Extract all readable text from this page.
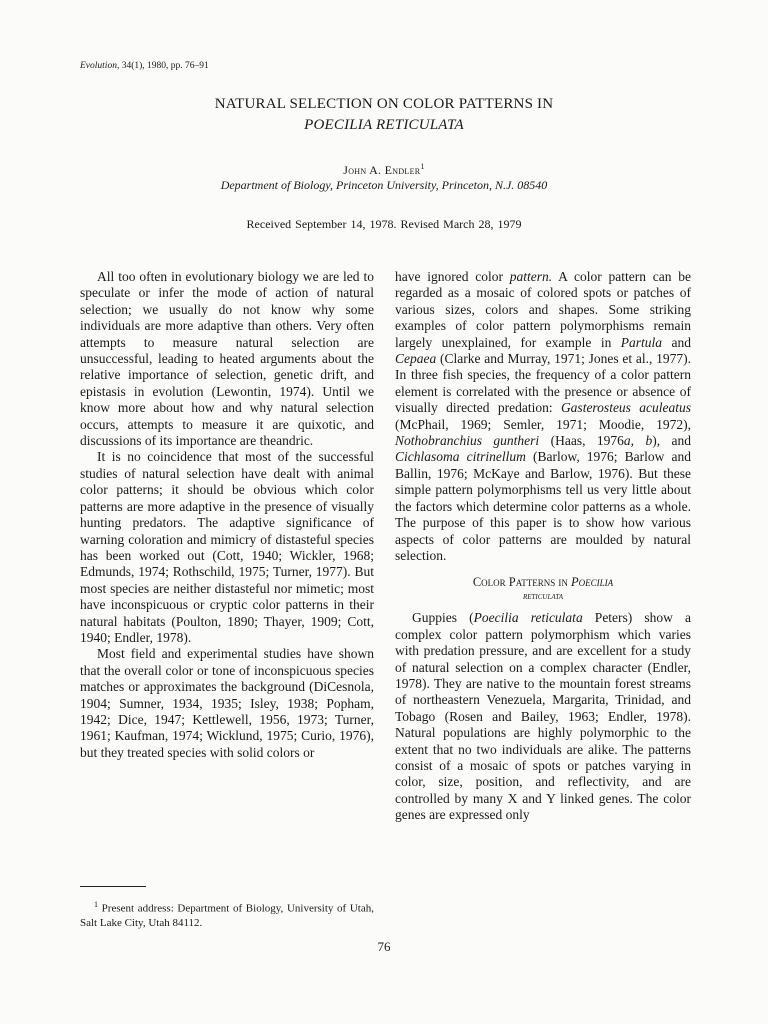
Evolution, 34(1), 1980, pp. 76–91
NATURAL SELECTION ON COLOR PATTERNS IN
POECILIA RETICULATA
John A. Endler$^1$
Department of Biology, Princeton University, Princeton, N.J. 08540
Received September 14, 1978. Revised March 28, 1979

All too often in evolutionary biology we are led to speculate or infer the mode of action of natural selection; we usually do not know why some individuals are more adaptive than others. Very often attempts to measure natural selection are unsuccessful, leading to heated arguments about the relative importance of selection, genetic drift, and epistasis in evolution (Lewontin, 1974). Until we know more about how and why natural selection occurs, attempts to measure it are quixotic, and discussions of its importance are theandric.

It is no coincidence that most of the successful studies of natural selection have dealt with animal color patterns; it should be obvious which color patterns are more adaptive in the presence of visually hunting predators. The adaptive significance of warning coloration and mimicry of distasteful species has been worked out (Cott, 1940; Wickler, 1968; Edmunds, 1974; Rothschild, 1975; Turner, 1977). But most species are neither distasteful nor mimetic; most have inconspicuous or cryptic color patterns in their natural habitats (Poulton, 1890; Thayer, 1909; Cott, 1940; Endler, 1978).

Most field and experimental studies have shown that the overall color or tone of inconspicuous species matches or approximates the background (DiCesnola, 1904; Sumner, 1934, 1935; Isley, 1938; Popham, 1942; Dice, 1947; Kettlewell, 1956, 1973; Turner, 1961; Kaufman, 1974; Wicklund, 1975; Curio, 1976), but they treated species with solid colors or

have ignored color pattern. A color pattern can be regarded as a mosaic of colored spots or patches of various sizes, colors and shapes. Some striking examples of color pattern polymorphisms remain largely unexplained, for example in Partula and Cepaea (Clarke and Murray, 1971; Jones et al., 1977). In three fish species, the frequency of a color pattern element is correlated with the presence or absence of visually directed predation: Gasterosteus aculeatus (McPhail, 1969; Semler, 1971; Moodie, 1972), Nothobranchius guntheri (Haas, 1976a, b), and Cichlasoma citrinellum (Barlow, 1976; Barlow and Ballin, 1976; McKaye and Barlow, 1976). But these simple pattern polymorphisms tell us very little about the factors which determine color patterns as a whole. The purpose of this paper is to show how various aspects of color patterns are moulded by natural selection.

Color Patterns in Poecilia
reticulata

Guppies (Poecilia reticulata Peters) show a complex color pattern polymorphism which varies with predation pressure, and are excellent for a study of natural selection on a complex character (Endler, 1978). They are native to the mountain forest streams of northeastern Venezuela, Margarita, Trinidad, and Tobago (Rosen and Bailey, 1963; Endler, 1978). Natural populations are highly polymorphic to the extent that no two individuals are alike. The patterns consist of a mosaic of spots or patches varying in color, size, position, and reflectivity, and are controlled by many X and Y linked genes. The color genes are expressed only

$^1$ Present address: Department of Biology, University of Utah, Salt Lake City, Utah 84112.
76
